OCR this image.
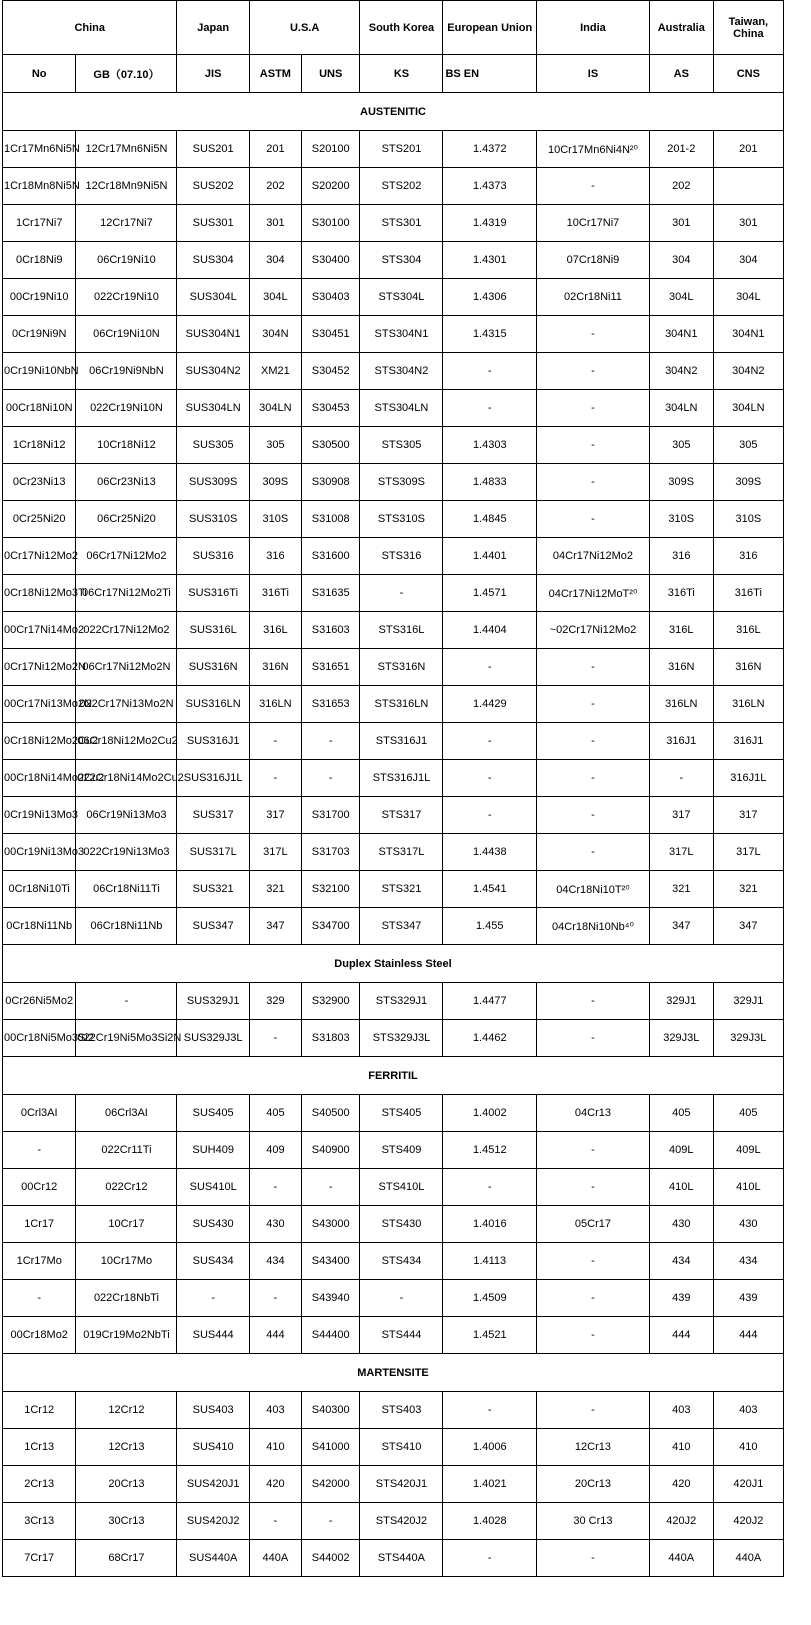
China		Japan	U.S.A		South Korea	European Union	India	Australia	Taiwan, China
No	GB（07.10）	JIS	ASTM	UNS	KS	BS EN	IS	AS	CNS
AUSTENITIC									
1Cr17Mn6Ni5N	12Cr17Mn6Ni5N	SUS201	201	S20100	STS201	1.4372	10Cr17Mn6Ni4N²⁰	201-2	201
1Cr18Mn8Ni5N	12Cr18Mn9Ni5N	SUS202	202	S20200	STS202	1.4373	-	202	
1Cr17Ni7	12Cr17Ni7	SUS301	301	S30100	STS301	1.4319	10Cr17Ni7	301	301
0Cr18Ni9	06Cr19Ni10	SUS304	304	S30400	STS304	1.4301	07Cr18Ni9	304	304
00Cr19Ni10	022Cr19Ni10	SUS304L	304L	S30403	STS304L	1.4306	02Cr18Ni11	304L	304L
0Cr19Ni9N	06Cr19Ni10N	SUS304N1	304N	S30451	STS304N1	1.4315	-	304N1	304N1
0Cr19Ni10NbN	06Cr19Ni9NbN	SUS304N2	XM21	S30452	STS304N2	-	-	304N2	304N2
00Cr18Ni10N	022Cr19Ni10N	SUS304LN	304LN	S30453	STS304LN	-	-	304LN	304LN
1Cr18Ni12	10Cr18Ni12	SUS305	305	S30500	STS305	1.4303	-	305	305
0Cr23Ni13	06Cr23Ni13	SUS309S	309S	S30908	STS309S	1.4833	-	309S	309S
0Cr25Ni20	06Cr25Ni20	SUS310S	310S	S31008	STS310S	1.4845	-	310S	310S
0Cr17Ni12Mo2	06Cr17Ni12Mo2	SUS316	316	S31600	STS316	1.4401	04Cr17Ni12Mo2	316	316
0Cr18Ni12Mo3Ti	06Cr17Ni12Mo2Ti	SUS316Ti	316Ti	S31635	-	1.4571	04Cr17Ni12MoT²⁰	316Ti	316Ti
00Cr17Ni14Mo2	022Cr17Ni12Mo2	SUS316L	316L	S31603	STS316L	1.4404	~02Cr17Ni12Mo2	316L	316L
0Cr17Ni12Mo2N	06Cr17Ni12Mo2N	SUS316N	316N	S31651	STS316N	-	-	316N	316N
00Cr17Ni13Mo2N	022Cr17Ni13Mo2N	SUS316LN	316LN	S31653	STS316LN	1.4429	-	316LN	316LN
0Cr18Ni12Mo2Cu2	06Cr18Ni12Mo2Cu2	SUS316J1	-	-	STS316J1	-	-	316J1	316J1
00Cr18Ni14Mo2Cu2	022Cr18Ni14Mo2Cu2	SUS316J1L	-	-	STS316J1L	-	-	-	316J1L
0Cr19Ni13Mo3	06Cr19Ni13Mo3	SUS317	317	S31700	STS317	-	-	317	317
00Cr19Ni13Mo3	022Cr19Ni13Mo3	SUS317L	317L	S31703	STS317L	1.4438	-	317L	317L
0Cr18Ni10Ti	06Cr18Ni11Ti	SUS321	321	S32100	STS321	1.4541	04Cr18Ni10T²⁰	321	321
0Cr18Ni11Nb	06Cr18Ni11Nb	SUS347	347	S34700	STS347	1.455	04Cr18Ni10Nb⁴⁰	347	347
Duplex Stainless Steel									
0Cr26Ni5Mo2	-	SUS329J1	329	S32900	STS329J1	1.4477	-	329J1	329J1
00Cr18Ni5Mo3Si2	022Cr19Ni5Mo3Si2N	SUS329J3L	-	S31803	STS329J3L	1.4462	-	329J3L	329J3L
FERRITIL									
0Crl3AI	06Crl3AI	SUS405	405	S40500	STS405	1.4002	04Cr13	405	405
-	022Cr11Ti	SUH409	409	S40900	STS409	1.4512	-	409L	409L
00Cr12	022Cr12	SUS410L	-	-	STS410L	-	-	410L	410L
1Cr17	10Cr17	SUS430	430	S43000	STS430	1.4016	05Cr17	430	430
1Cr17Mo	10Cr17Mo	SUS434	434	S43400	STS434	1.4113	-	434	434
-	022Cr18NbTi	-	-	S43940	-	1.4509	-	439	439
00Cr18Mo2	019Cr19Mo2NbTi	SUS444	444	S44400	STS444	1.4521	-	444	444
MARTENSITE									
1Cr12	12Cr12	SUS403	403	S40300	STS403	-	-	403	403
1Cr13	12Cr13	SUS410	410	S41000	STS410	1.4006	12Cr13	410	410
2Cr13	20Cr13	SUS420J1	420	S42000	STS420J1	1.4021	20Cr13	420	420J1
3Cr13	30Cr13	SUS420J2	-	-	STS420J2	1.4028	30 Cr13	420J2	420J2
7Cr17	68Cr17	SUS440A	440A	S44002	STS440A	-	-	440A	440A
